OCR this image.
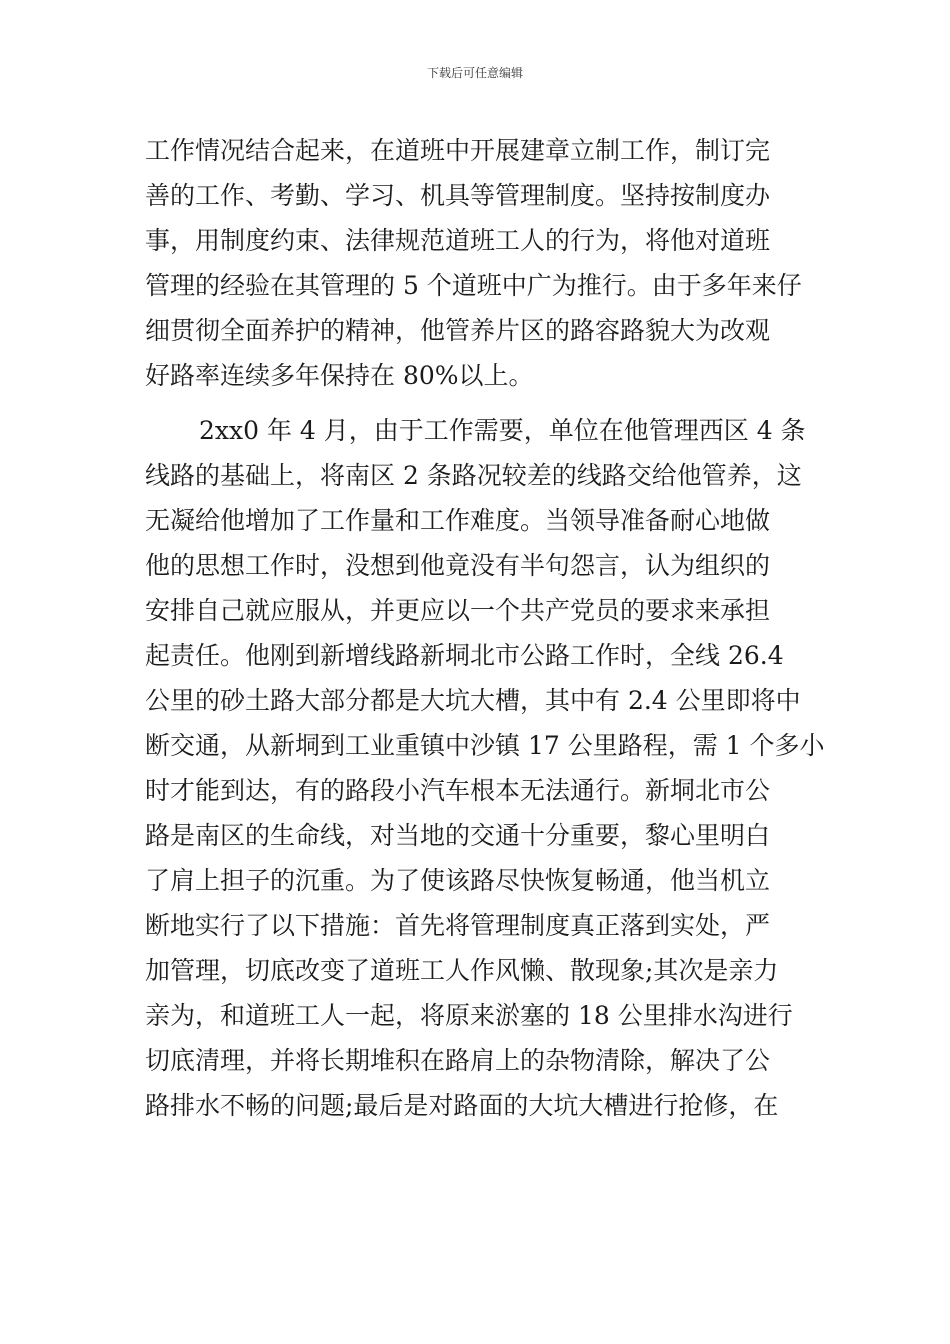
下载后可任意编辑
工作情况结合起来，在道班中开展建章立制工作，制订完
善的工作、考勤、学习、机具等管理制度。坚持按制度办
事，用制度约束、法律规范道班工人的行为，将他对道班
管理的经验在其管理的 5 个道班中广为推行。由于多年来仔
细贯彻全面养护的精神，他管养片区的路容路貌大为改观
好路率连续多年保持在 80%以上。
2xx0 年 4 月，由于工作需要，单位在他管理西区 4 条
线路的基础上，将南区 2 条路况较差的线路交给他管养，这
无凝给他增加了工作量和工作难度。当领导准备耐心地做
他的思想工作时，没想到他竟没有半句怨言，认为组织的
安排自己就应服从，并更应以一个共产党员的要求来承担
起责任。他刚到新增线路新垌北市公路工作时，全线 26.4
公里的砂土路大部分都是大坑大槽，其中有 2.4 公里即将中
断交通，从新垌到工业重镇中沙镇 17 公里路程，需 1 个多小
时才能到达，有的路段小汽车根本无法通行。新垌北市公
路是南区的生命线，对当地的交通十分重要，黎心里明白
了肩上担子的沉重。为了使该路尽快恢复畅通，他当机立
断地实行了以下措施：首先将管理制度真正落到实处，严
加管理，切底改变了道班工人作风懒、散现象;其次是亲力
亲为，和道班工人一起，将原来淤塞的 18 公里排水沟进行
切底清理，并将长期堆积在路肩上的杂物清除，解决了公
路排水不畅的问题;最后是对路面的大坑大槽进行抢修，在
